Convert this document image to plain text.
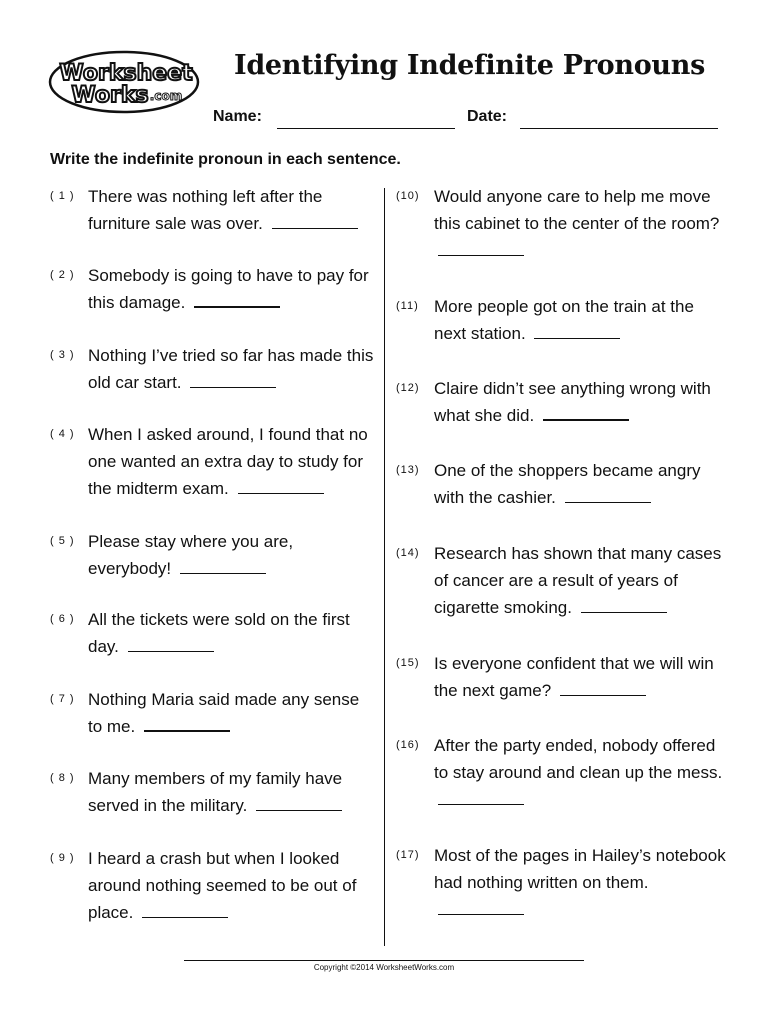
Worksheet
Works .com
Identifying Indefinite Pronouns
Name:	Date:
Write the indefinite pronoun in each sentence.
( 1 ) There was nothing left after the furniture sale was over.
( 2 ) Somebody is going to have to pay for this damage.
( 3 ) Nothing I’ve tried so far has made this old car start.
( 4 ) When I asked around, I found that no one wanted an extra day to study for the midterm exam.
( 5 ) Please stay where you are, everybody!
( 6 ) All the tickets were sold on the first day.
( 7 ) Nothing Maria said made any sense to me.
( 8 ) Many members of my family have served in the military.
( 9 ) I heard a crash but when I looked around nothing seemed to be out of place.
(10) Would anyone care to help me move this cabinet to the center of the room?
(11) More people got on the train at the next station.
(12) Claire didn’t see anything wrong with what she did.
(13) One of the shoppers became angry with the cashier.
(14) Research has shown that many cases of cancer are a result of years of cigarette smoking.
(15) Is everyone confident that we will win the next game?
(16) After the party ended, nobody offered to stay around and clean up the mess.
(17) Most of the pages in Hailey’s notebook had nothing written on them.
Copyright ©2014 WorksheetWorks.com
